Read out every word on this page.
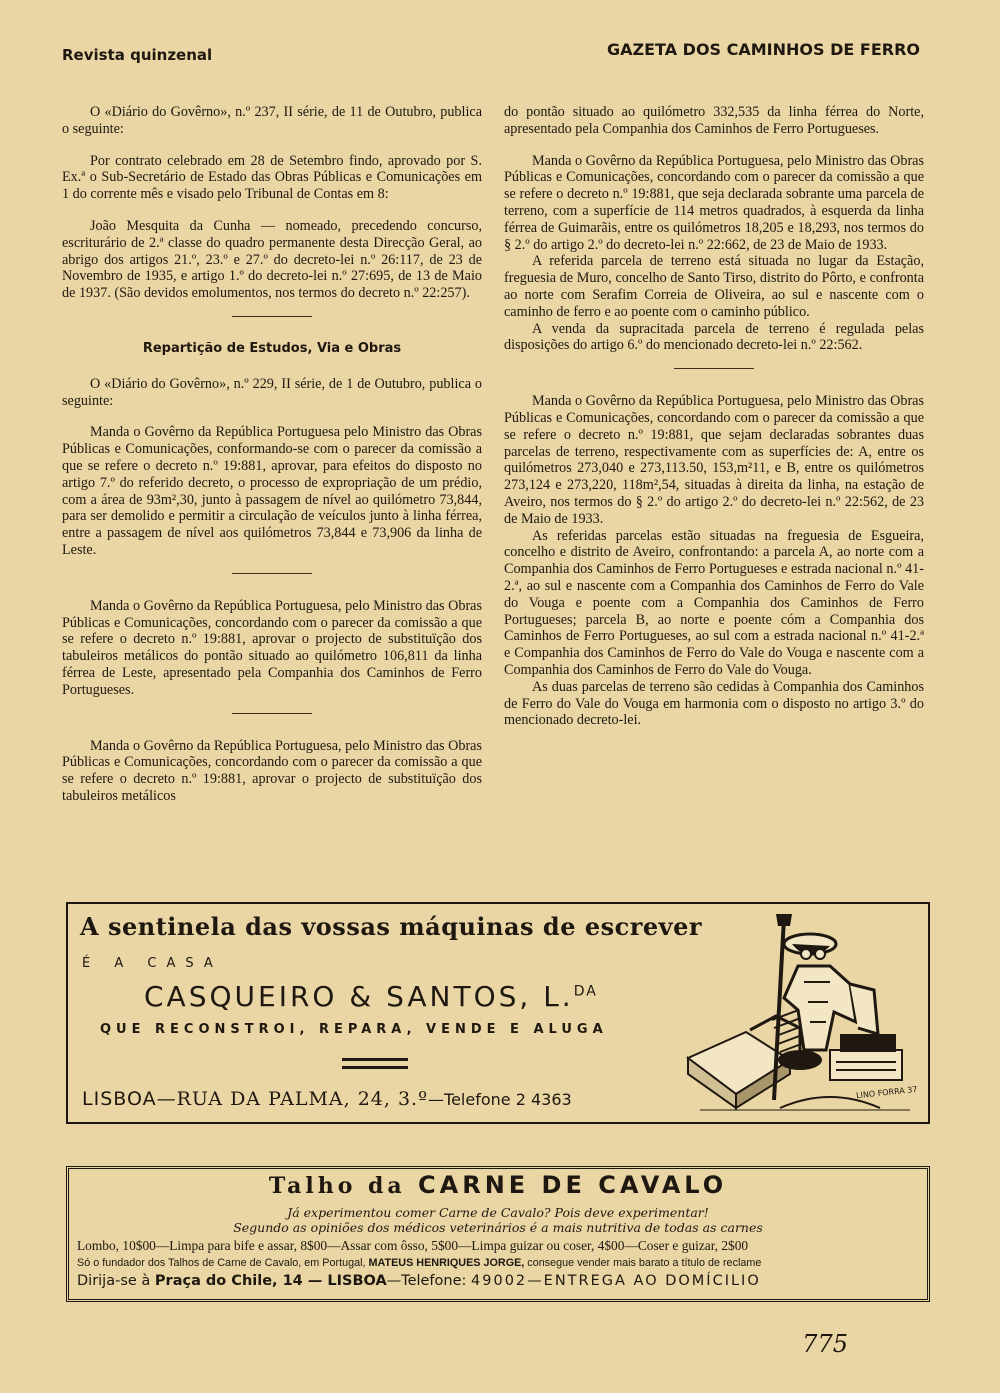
Revista quinzenal	GAZETA DOS CAMINHOS DE FERRO

O «Diário do Govêrno», n.º 237, II série, de 11 de Outubro, publica o seguinte:

Por contrato celebrado em 28 de Setembro findo, aprovado por S. Ex.ª o Sub-Secretário de Estado das Obras Públicas e Comunicações em 1 do corrente mês e visado pelo Tribunal de Contas em 8:

João Mesquita da Cunha — nomeado, precedendo concurso, escriturário de 2.ª classe do quadro permanente desta Direcção Geral, ao abrigo dos artigos 21.º, 23.º e 27.º do decreto-lei n.º 26:117, de 23 de Novembro de 1935, e artigo 1.º do decreto-lei n.º 27:695, de 13 de Maio de 1937. (São devidos emolumentos, nos termos do decreto n.º 22:257).

Repartição de Estudos, Via e Obras

O «Diário do Govêrno», n.º 229, II série, de 1 de Outubro, publica o seguinte:

Manda o Govêrno da República Portuguesa pelo Ministro das Obras Públicas e Comunicações, conformando-se com o parecer da comissão a que se refere o decreto n.º 19:881, aprovar, para efeitos do disposto no artigo 7.º do referido decreto, o processo de expropriação de um prédio, com a área de 93m²,30, junto à passagem de nível ao quilómetro 73,844, para ser demolido e permitir a circulação de veículos junto à linha férrea, entre a passagem de nível aos quilómetros 73,844 e 73,906 da linha de Leste.

Manda o Govêrno da República Portuguesa, pelo Ministro das Obras Públicas e Comunicações, concordando com o parecer da comissão a que se refere o decreto n.º 19:881, aprovar o projecto de substituïção dos tabuleiros metálicos do pontão situado ao quilómetro 106,811 da linha férrea de Leste, apresentado pela Companhia dos Caminhos de Ferro Portugueses.

Manda o Govêrno da República Portuguesa, pelo Ministro das Obras Públicas e Comunicações, concordando com o parecer da comissão a que se refere o decreto n.º 19:881, aprovar o projecto de substituïção dos tabuleiros metálicos

do pontão situado ao quilómetro 332,535 da linha férrea do Norte, apresentado pela Companhia dos Caminhos de Ferro Portugueses.

Manda o Govêrno da República Portuguesa, pelo Ministro das Obras Públicas e Comunicações, concordando com o parecer da comissão a que se refere o decreto n.º 19:881, que seja declarada sobrante uma parcela de terreno, com a superfície de 114 metros quadrados, à esquerda da linha férrea de Guimarãis, entre os quilómetros 18,205 e 18,293, nos termos do § 2.º do artigo 2.º do decreto-lei n.º 22:662, de 23 de Maio de 1933.

A referida parcela de terreno está situada no lugar da Estação, freguesia de Muro, concelho de Santo Tirso, distrito do Pôrto, e confronta ao norte com Serafim Correia de Oliveira, ao sul e nascente com o caminho de ferro e ao poente com o caminho público.

A venda da supracitada parcela de terreno é regulada pelas disposições do artigo 6.º do mencionado decreto-lei n.º 22:562.

Manda o Govêrno da República Portuguesa, pelo Ministro das Obras Públicas e Comunicações, concordando com o parecer da comissão a que se refere o decreto n.º 19:881, que sejam declaradas sobrantes duas parcelas de terreno, respectivamente com as superfícies de: A, entre os quilómetros 273,040 e 273,113.50, 153,m²11, e B, entre os quilómetros 273,124 e 273,220, 118m²,54, situadas à direita da linha, na estação de Aveiro, nos termos do § 2.º do artigo 2.º do decreto-lei n.º 22:562, de 23 de Maio de 1933.

As referidas parcelas estão situadas na freguesia de Esgueira, concelho e distrito de Aveiro, confrontando: a parcela A, ao norte com a Companhia dos Caminhos de Ferro Portugueses e estrada nacional n.º 41-2.ª, ao sul e nascente com a Companhia dos Caminhos de Ferro do Vale do Vouga e poente com a Companhia dos Caminhos de Ferro Portugueses; parcela B, ao norte e poente cóm a Companhia dos Caminhos de Ferro Portugueses, ao sul com a estrada nacional n.º 41-2.ª e Companhia dos Caminhos de Ferro do Vale do Vouga e nascente com a Companhia dos Caminhos de Ferro do Vale do Vouga.

As duas parcelas de terreno são cedidas à Companhia dos Caminhos de Ferro do Vale do Vouga em harmonia com o disposto no artigo 3.º do mencionado decreto-lei.

A sentinela das vossas máquinas de escrever
É A CASA
CASQUEIRO & SANTOS, L.$^{DA}$
QUE RECONSTROI, REPARA, VENDE E ALUGA
LISBOA—RUA DA PALMA, 24, 3.º—Telefone 2 4363	LINO FORRA 37
Talho da CARNE DE CAVALO
Já experimentou comer Carne de Cavalo? Pois deve experimentar!
Segundo as opiniões dos médicos veterinários é a mais nutritiva de todas as carnes
Lombo, 10$00—Limpa para bife e assar, 8$00—Assar com ôsso, 5$00—Limpa guizar ou coser, 4$00—Coser e guizar, 2$00
Só o fundador dos Talhos de Carne de Cavalo, em Portugal, MATEUS HENRIQUES JORGE, consegue vender mais barato a título de reclame
Dirija-se à Praça do Chile, 14 — LISBOA—Telefone: 49002—ENTREGA AO DOMÍCILIO
775
